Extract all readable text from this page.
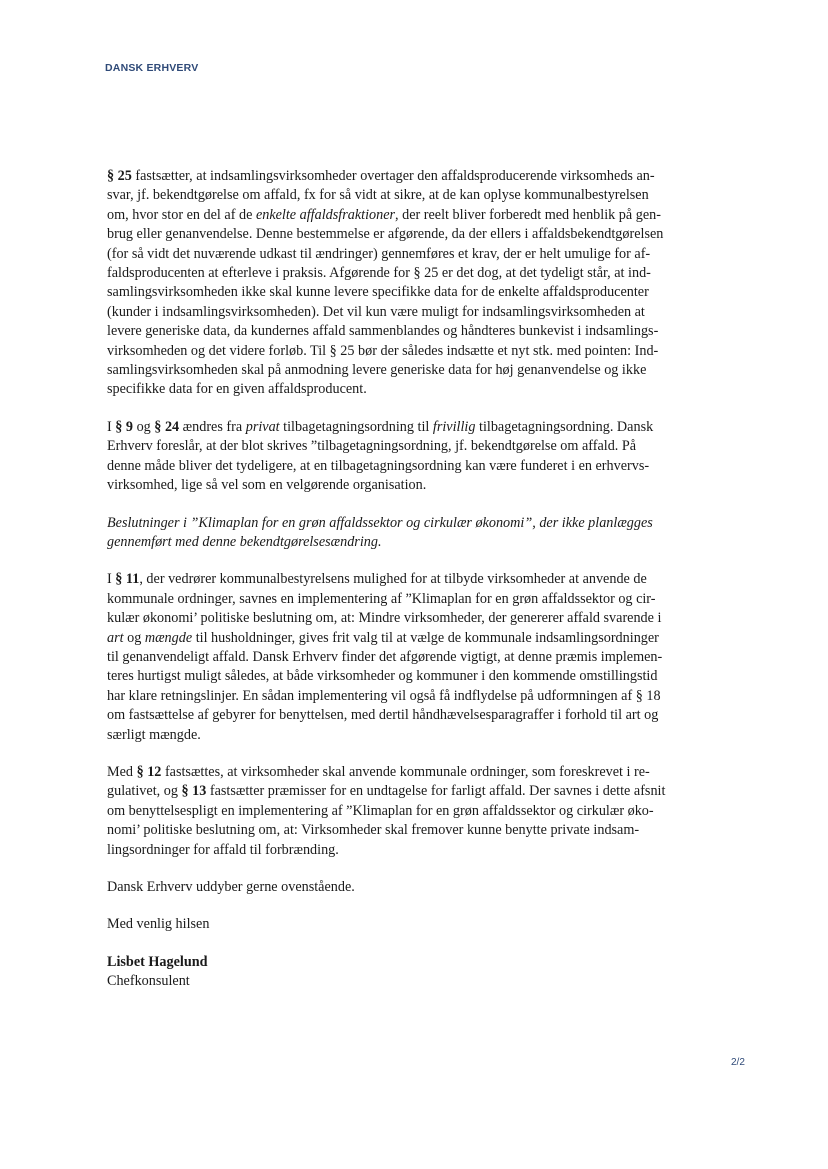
DANSK ERHVERV

§ 25 fastsætter, at indsamlingsvirksomheder overtager den affaldsproducerende virksomheds an-
svar, jf. bekendtgørelse om affald, fx for så vidt at sikre, at de kan oplyse kommunalbestyrelsen
om, hvor stor en del af de enkelte affaldsfraktioner, der reelt bliver forberedt med henblik på gen-
brug eller genanvendelse. Denne bestemmelse er afgørende, da der ellers i affaldsbekendtgørelsen
(for så vidt det nuværende udkast til ændringer) gennemføres et krav, der er helt umulige for af-
faldsproducenten at efterleve i praksis. Afgørende for § 25 er det dog, at det tydeligt står, at ind-
samlingsvirksomheden ikke skal kunne levere specifikke data for de enkelte affaldsproducenter
(kunder i indsamlingsvirksomheden). Det vil kun være muligt for indsamlingsvirksomheden at
levere generiske data, da kundernes affald sammenblandes og håndteres bunkevist i indsamlings-
virksomheden og det videre forløb. Til § 25 bør der således indsætte et nyt stk. med pointen: Ind-
samlingsvirksomheden skal på anmodning levere generiske data for høj genanvendelse og ikke
specifikke data for en given affaldsproducent.

I § 9 og § 24 ændres fra privat tilbagetagningsordning til frivillig tilbagetagningsordning. Dansk
Erhverv foreslår, at der blot skrives ”tilbagetagningsordning, jf. bekendtgørelse om affald. På
denne måde bliver det tydeligere, at en tilbagetagningsordning kan være funderet i en erhvervs-
virksomhed, lige så vel som en velgørende organisation.

Beslutninger i ”Klimaplan for en grøn affaldssektor og cirkulær økonomi”, der ikke planlægges
gennemført med denne bekendtgørelsesændring.

I § 11, der vedrører kommunalbestyrelsens mulighed for at tilbyde virksomheder at anvende de
kommunale ordninger, savnes en implementering af ”Klimaplan for en grøn affaldssektor og cir-
kulær økonomi’ politiske beslutning om, at: Mindre virksomheder, der genererer affald svarende i
art og mængde til husholdninger, gives frit valg til at vælge de kommunale indsamlingsordninger
til genanvendeligt affald. Dansk Erhverv finder det afgørende vigtigt, at denne præmis implemen-
teres hurtigst muligt således, at både virksomheder og kommuner i den kommende omstillingstid
har klare retningslinjer. En sådan implementering vil også få indflydelse på udformningen af § 18
om fastsættelse af gebyrer for benyttelsen, med dertil håndhævelsesparagraffer i forhold til art og
særligt mængde.

Med § 12 fastsættes, at virksomheder skal anvende kommunale ordninger, som foreskrevet i re-
gulativet, og § 13 fastsætter præmisser for en undtagelse for farligt affald. Der savnes i dette afsnit
om benyttelsespligt en implementering af ”Klimaplan for en grøn affaldssektor og cirkulær øko-
nomi’ politiske beslutning om, at: Virksomheder skal fremover kunne benytte private indsam-
lingsordninger for affald til forbrænding.

Dansk Erhverv uddyber gerne ovenstående.

Med venlig hilsen

Lisbet Hagelund
Chefkonsulent

2/2
